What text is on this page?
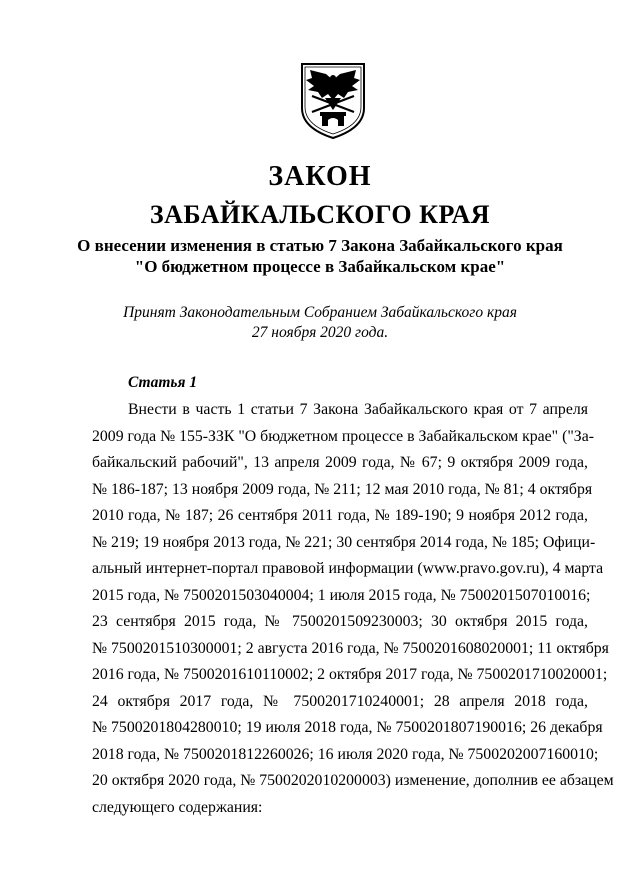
ЗАКОН
ЗАБАЙКАЛЬСКОГО КРАЯ
О внесении изменения в статью 7 Закона Забайкальского края
"О бюджетном процессе в Забайкальском крае"
Принят Законодательным Собранием Забайкальского края
27 ноября 2020 года.
Статья 1
Внести в часть 1 статьи 7 Закона Забайкальского края от 7 апреля
2009 года № 155-ЗЗК "О бюджетном процессе в Забайкальском крае" ("За-
байкальский рабочий", 13 апреля 2009 года, № 67; 9 октября 2009 года,
№ 186-187; 13 ноября 2009 года, № 211; 12 мая 2010 года, № 81; 4 октября
2010 года, № 187; 26 сентября 2011 года, № 189-190; 9 ноября 2012 года,
№ 219; 19 ноября 2013 года, № 221; 30 сентября 2014 года, № 185; Офици-
альный интернет-портал правовой информации (www.pravo.gov.ru), 4 марта
2015 года, № 7500201503040004; 1 июля 2015 года, № 7500201507010016;
23 сентября 2015 года, № 7500201509230003; 30 октября 2015 года,
№ 7500201510300001; 2 августа 2016 года, № 7500201608020001; 11 октября
2016 года, № 7500201610110002; 2 октября 2017 года, № 7500201710020001;
24 октября 2017 года, № 7500201710240001; 28 апреля 2018 года,
№ 7500201804280010; 19 июля 2018 года, № 7500201807190016; 26 декабря
2018 года, № 7500201812260026; 16 июля 2020 года, № 7500202007160010;
20 октября 2020 года, № 7500202010200003) изменение, дополнив ее абзацем
следующего содержания:
